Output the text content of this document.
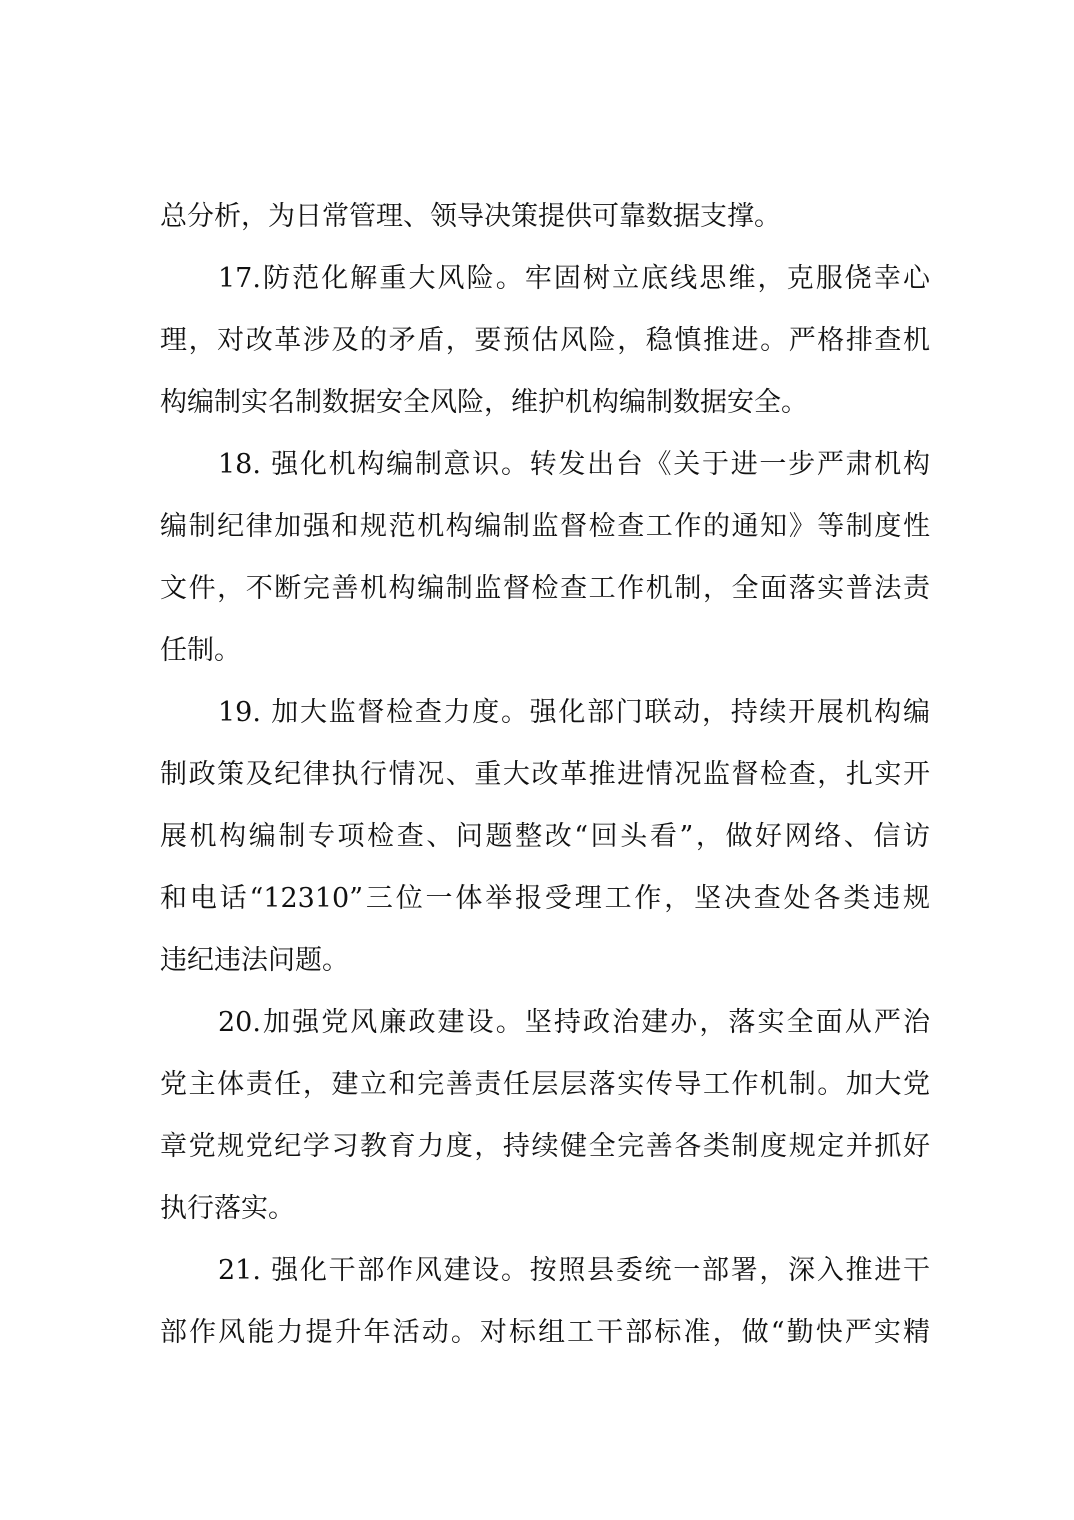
总分析，为日常管理、领导决策提供可靠数据支撑。
17.防范化解重大风险。牢固树立底线思维，克服侥幸心
理，对改革涉及的矛盾，要预估风险，稳慎推进。严格排查机
构编制实名制数据安全风险，维护机构编制数据安全。
18. 强化机构编制意识。转发出台《关于进一步严肃机构
编制纪律加强和规范机构编制监督检查工作的通知》等制度性
文件，不断完善机构编制监督检查工作机制，全面落实普法责
任制。
19. 加大监督检查力度。强化部门联动，持续开展机构编
制政策及纪律执行情况、重大改革推进情况监督检查，扎实开
展机构编制专项检查、问题整改“回头看”，做好网络、信访
和电话“12310”三位一体举报受理工作，坚决查处各类违规
违纪违法问题。
20.加强党风廉政建设。坚持政治建办，落实全面从严治
党主体责任，建立和完善责任层层落实传导工作机制。加大党
章党规党纪学习教育力度，持续健全完善各类制度规定并抓好
执行落实。
21. 强化干部作风建设。按照县委统一部署，深入推进干
部作风能力提升年活动。对标组工干部标准，做“勤快严实精
